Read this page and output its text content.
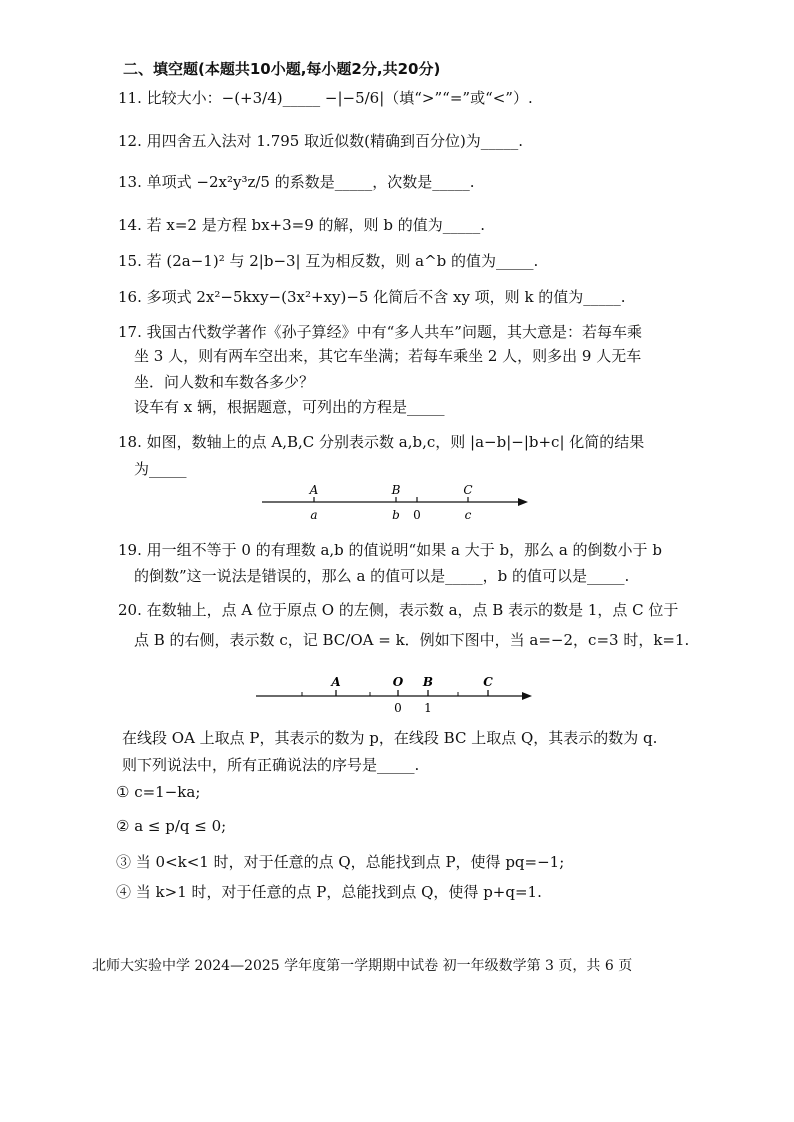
二、填空题(本题共10小题,每小题2分,共20分)
11. 比较大小：−(+3/4)_____ −|−5/6|（填“>”“=”或“<”）.
12. 用四舍五入法对 1.795 取近似数(精确到百分位)为_____.
13. 单项式 −2x²y³z/5 的系数是_____，次数是_____.
14. 若 x=2 是方程 bx+3=9 的解，则 b 的值为_____.
15. 若 (2a−1)² 与 2|b−3| 互为相反数，则 a^b 的值为_____.
16. 多项式 2x²−5kxy−(3x²+xy)−5 化简后不含 xy 项，则 k 的值为_____.
17. 我国古代数学著作《孙子算经》中有“多人共车”问题，其大意是：若每车乘
坐 3 人，则有两车空出来，其它车坐满；若每车乘坐 2 人，则多出 9 人无车
坐．问人数和车数各多少？
设车有 x 辆，根据题意，可列出的方程是_____
18. 如图，数轴上的点 A,B,C 分别表示数 a,b,c，则 |a−b|−|b+c| 化简的结果
为_____
A
a
B
b 0
C
c
19. 用一组不等于 0 的有理数 a,b 的值说明“如果 a 大于 b，那么 a 的倒数小于 b
的倒数”这一说法是错误的，那么 a 的值可以是_____，b 的值可以是_____.
20. 在数轴上，点 A 位于原点 O 的左侧，表示数 a，点 B 表示的数是 1，点 C 位于
点 B 的右侧，表示数 c，记 BC/OA = k．例如下图中，当 a=−2，c=3 时，k=1.
A	O
0
B
1
C
在线段 OA 上取点 P，其表示的数为 p，在线段 BC 上取点 Q，其表示的数为 q.
则下列说法中，所有正确说法的序号是_____.
① c=1−ka;
② a ≤ p/q ≤ 0;
③ 当 0<k<1 时，对于任意的点 Q，总能找到点 P，使得 pq=−1;
④ 当 k>1 时，对于任意的点 P，总能找到点 Q，使得 p+q=1.
北师大实验中学 2024—2025 学年度第一学期期中试卷 初一年级数学第 3 页，共 6 页
